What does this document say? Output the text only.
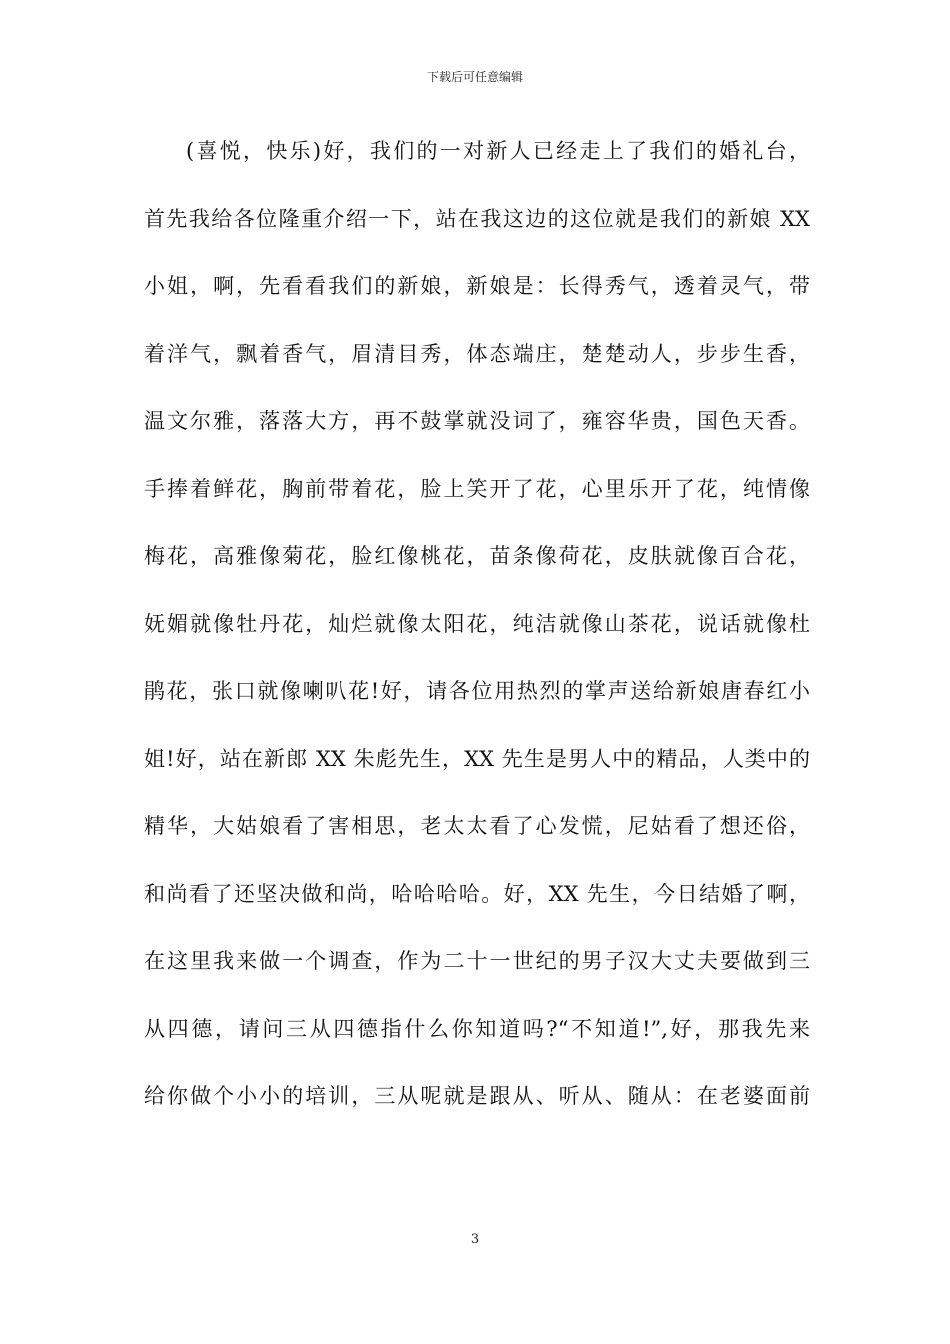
下载后可任意编辑
(喜悦，快乐)好，我们的一对新人已经走上了我们的婚礼台，
首先我给各位隆重介绍一下，站在我这边的这位就是我们的新娘 XX
小姐，啊，先看看我们的新娘，新娘是：长得秀气，透着灵气，带
着洋气，飘着香气，眉清目秀，体态端庄，楚楚动人，步步生香，
温文尔雅，落落大方，再不鼓掌就没词了，雍容华贵，国色天香。
手捧着鲜花，胸前带着花，脸上笑开了花，心里乐开了花，纯情像
梅花，高雅像菊花，脸红像桃花，苗条像荷花，皮肤就像百合花，
妩媚就像牡丹花，灿烂就像太阳花，纯洁就像山茶花，说话就像杜
鹃花，张口就像喇叭花!好，请各位用热烈的掌声送给新娘唐春红小
姐!好，站在新郎 XX 朱彪先生，XX 先生是男人中的精品，人类中的
精华，大姑娘看了害相思，老太太看了心发慌，尼姑看了想还俗，
和尚看了还坚决做和尚，哈哈哈哈。好，XX 先生，今日结婚了啊，
在这里我来做一个调查，作为二十一世纪的男子汉大丈夫要做到三
从四德，请问三从四德指什么你知道吗?“不知道!”,好，那我先来
给你做个小小的培训，三从呢就是跟从、听从、随从：在老婆面前
3
